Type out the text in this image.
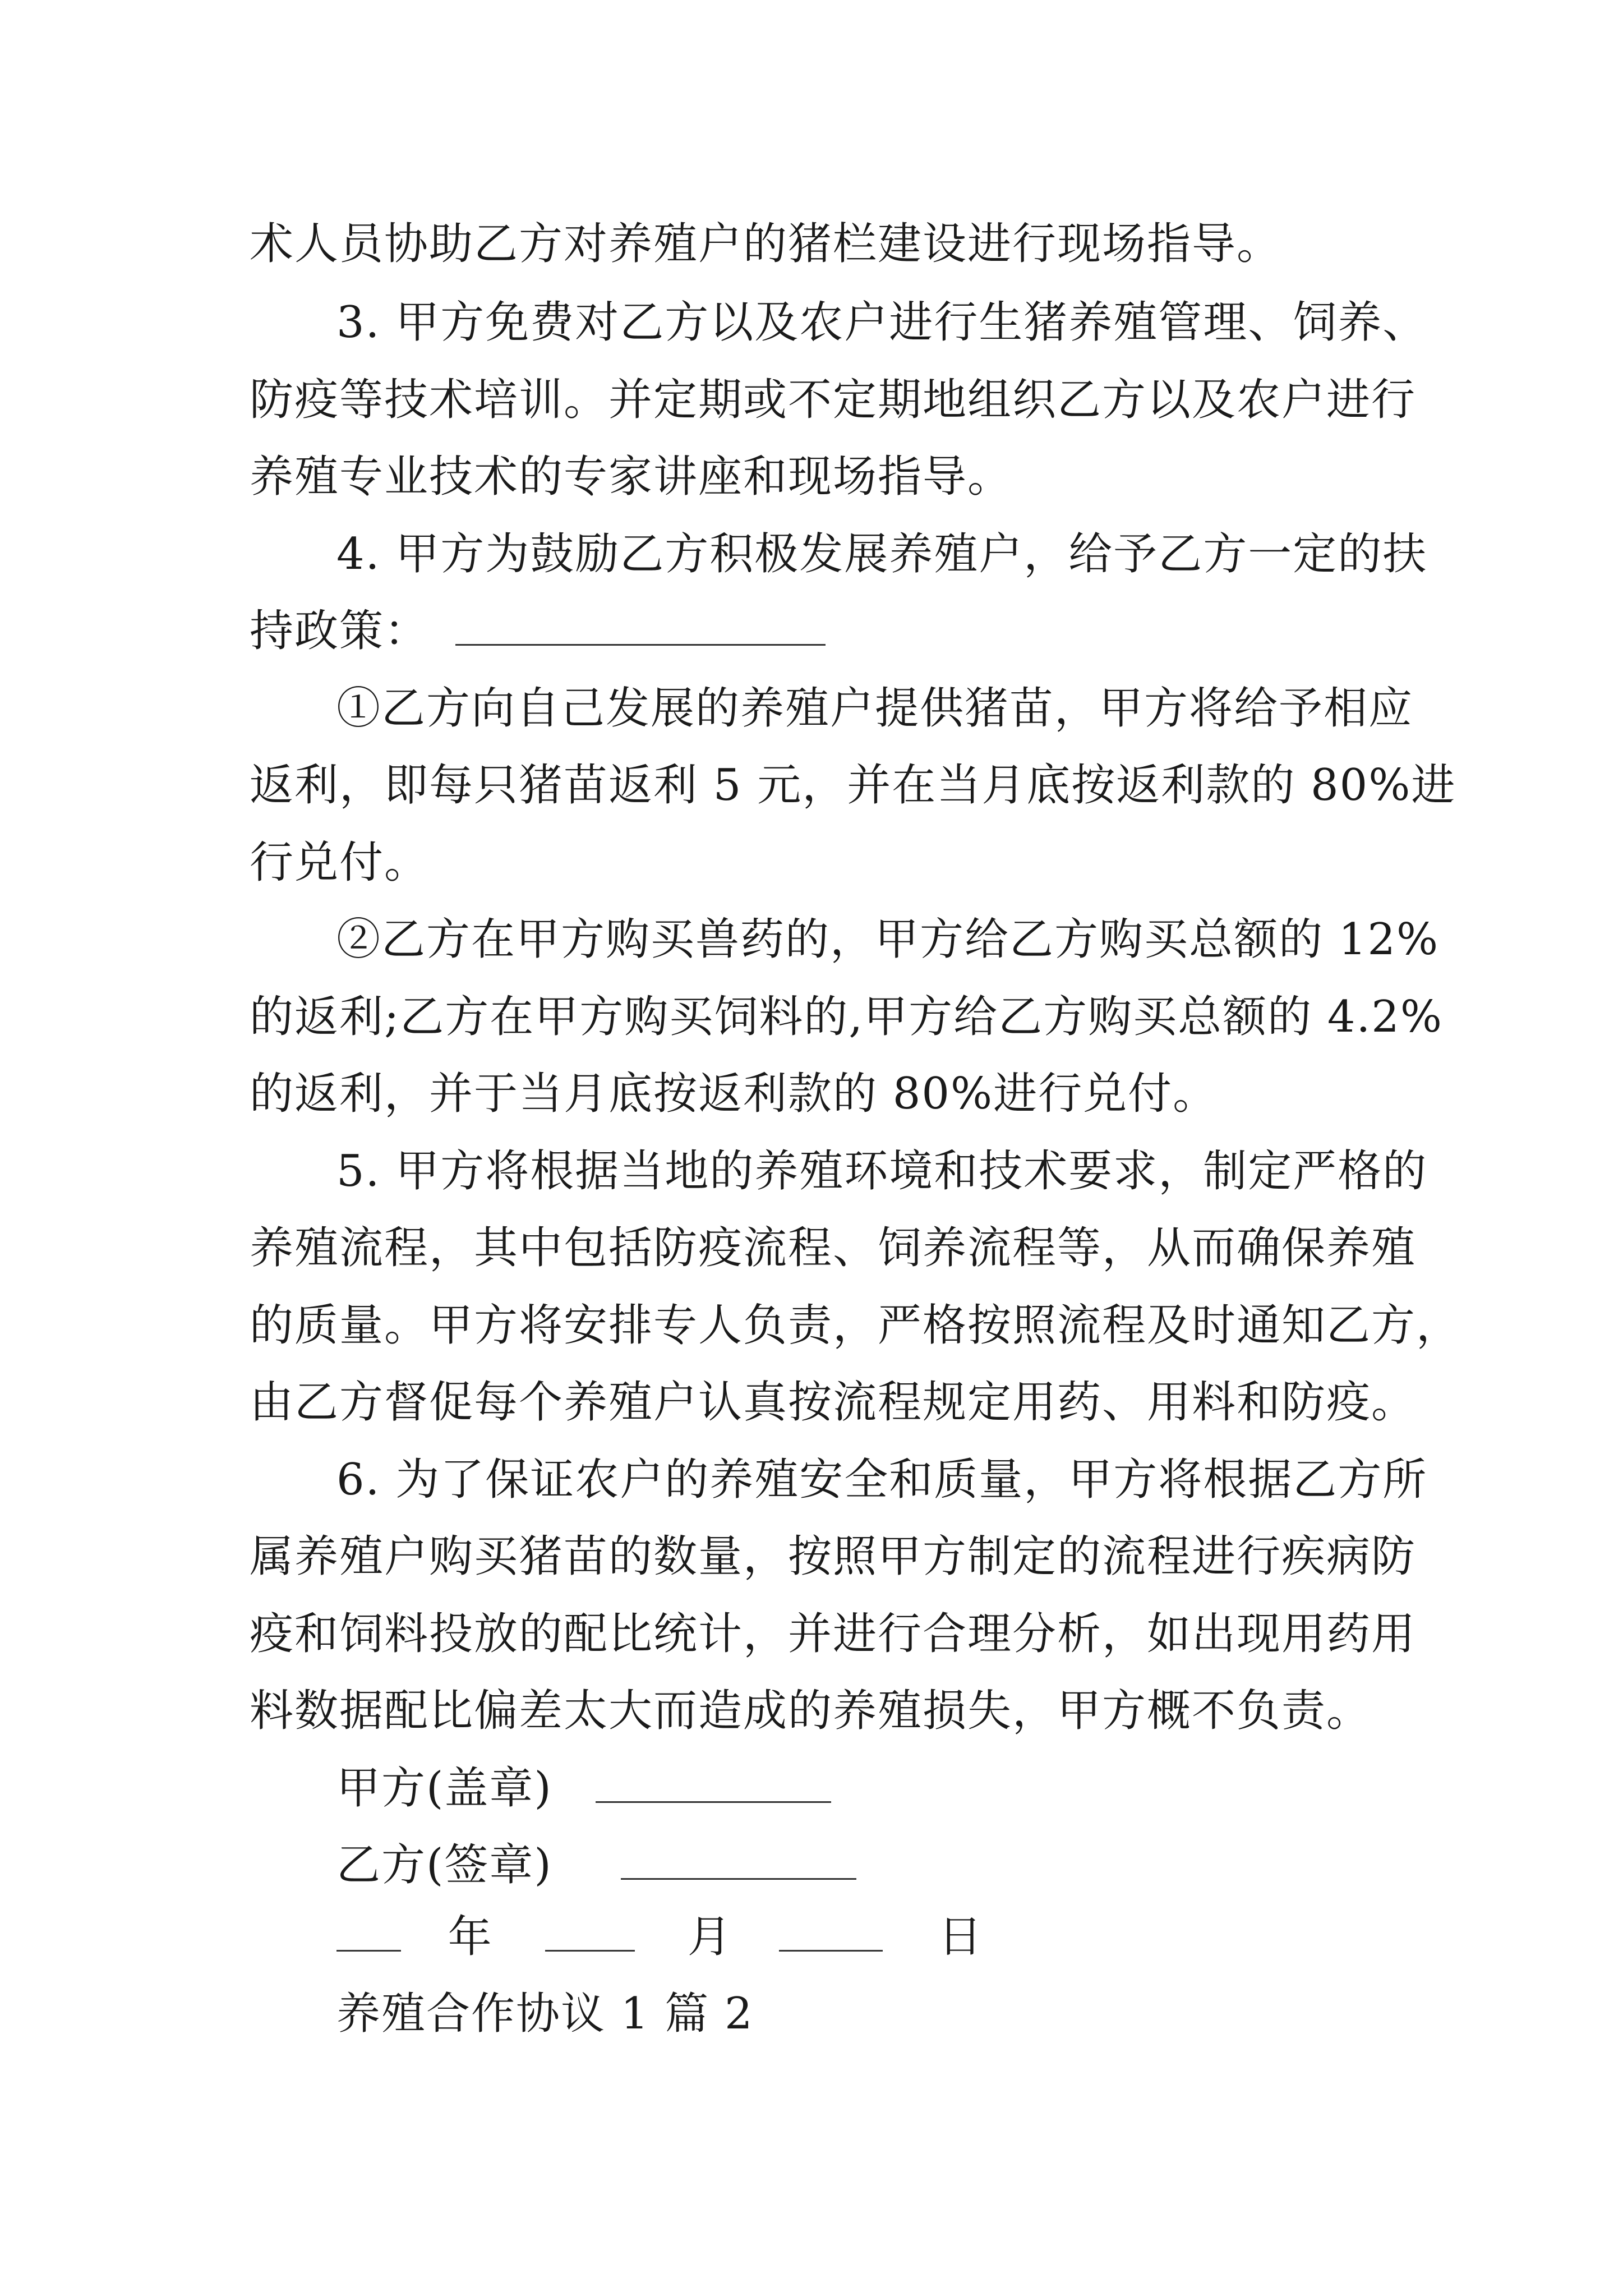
术人员协助乙方对养殖户的猪栏建设进行现场指导。
3. 甲方免费对乙方以及农户进行生猪养殖管理、饲养、
防疫等技术培训。并定期或不定期地组织乙方以及农户进行
养殖专业技术的专家讲座和现场指导。
4. 甲方为鼓励乙方积极发展养殖户，给予乙方一定的扶
持政策：
①乙方向自己发展的养殖户提供猪苗，甲方将给予相应
返利，即每只猪苗返利 5 元，并在当月底按返利款的 80%进
行兑付。
②乙方在甲方购买兽药的，甲方给乙方购买总额的 12%
的返利;乙方在甲方购买饲料的,甲方给乙方购买总额的 4.2%
的返利，并于当月底按返利款的 80%进行兑付。
5. 甲方将根据当地的养殖环境和技术要求，制定严格的
养殖流程，其中包括防疫流程、饲养流程等，从而确保养殖
的质量。甲方将安排专人负责，严格按照流程及时通知乙方，
由乙方督促每个养殖户认真按流程规定用药、用料和防疫。
6. 为了保证农户的养殖安全和质量，甲方将根据乙方所
属养殖户购买猪苗的数量，按照甲方制定的流程进行疾病防
疫和饲料投放的配比统计，并进行合理分析，如出现用药用
料数据配比偏差太大而造成的养殖损失，甲方概不负责。
甲方(盖章)
乙方(签章)
年	月	日
养殖合作协议 1 篇 2
